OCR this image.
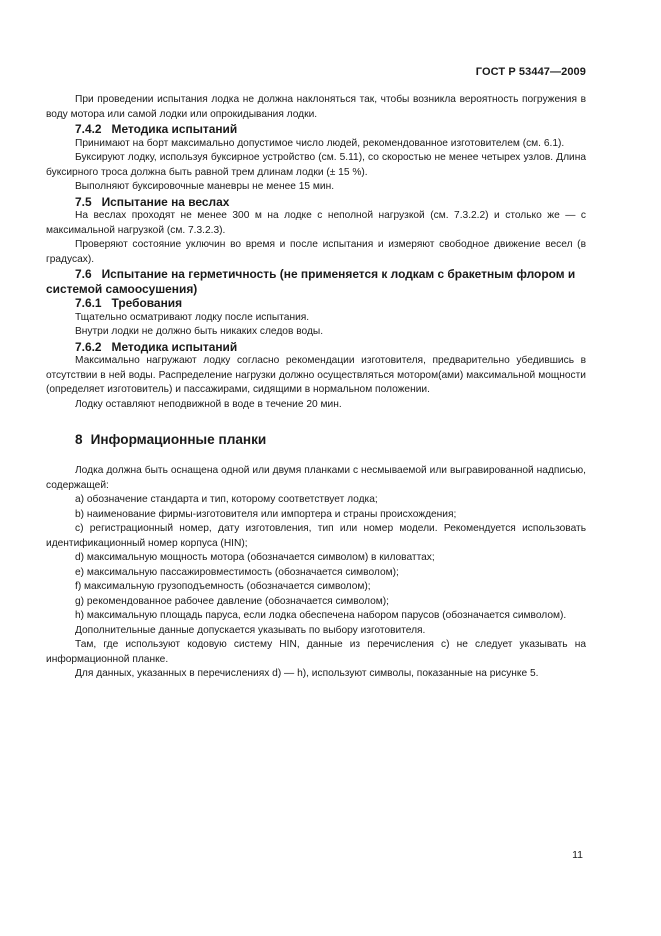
ГОСТ Р 53447—2009

При проведении испытания лодка не должна наклоняться так, чтобы возникла вероятность погружения в воду мотора или самой лодки или опрокидывания лодки.

7.4.2 Методика испытаний

Принимают на борт максимально допустимое число людей, рекомендованное изготовителем (см. 6.1).

Буксируют лодку, используя буксирное устройство (см. 5.11), со скоростью не менее четырех узлов. Длина буксирного троса должна быть равной трем длинам лодки (± 15 %).

Выполняют буксировочные маневры не менее 15 мин.

7.5 Испытание на веслах

На веслах проходят не менее 300 м на лодке с неполной нагрузкой (см. 7.3.2.2) и столько же — с максимальной нагрузкой (см. 7.3.2.3).

Проверяют состояние уключин во время и после испытания и измеряют свободное движение весел (в градусах).

7.6 Испытание на герметичность (не применяется к лодкам с бракетным флором и системой самоосушения)
7.6.1 Требования

Тщательно осматривают лодку после испытания.

Внутри лодки не должно быть никаких следов воды.

7.6.2 Методика испытаний

Максимально нагружают лодку согласно рекомендации изготовителя, предварительно убедившись в отсутствии в ней воды. Распределение нагрузки должно осуществляться мотором(ами) максимальной мощности (определяет изготовитель) и пассажирами, сидящими в нормальном положении.

Лодку оставляют неподвижной в воде в течение 20 мин.

8 Информационные планки

Лодка должна быть оснащена одной или двумя планками с несмываемой или выгравированной надписью, содержащей:

а) обозначение стандарта и тип, которому соответствует лодка;

b) наименование фирмы-изготовителя или импортера и страны происхождения;

c) регистрационный номер, дату изготовления, тип или номер модели. Рекомендуется использовать идентификационный номер корпуса (HIN);

d) максимальную мощность мотора (обозначается символом) в киловаттах;

e) максимальную пассажировместимость (обозначается символом);

f) максимальную грузоподъемность (обозначается символом);

g) рекомендованное рабочее давление (обозначается символом);

h) максимальную площадь паруса, если лодка обеспечена набором парусов (обозначается символом).

Дополнительные данные допускается указывать по выбору изготовителя.

Там, где используют кодовую систему HIN, данные из перечисления c) не следует указывать на информационной планке.

Для данных, указанных в перечислениях d) — h), используют символы, показанные на рисунке 5.

11
